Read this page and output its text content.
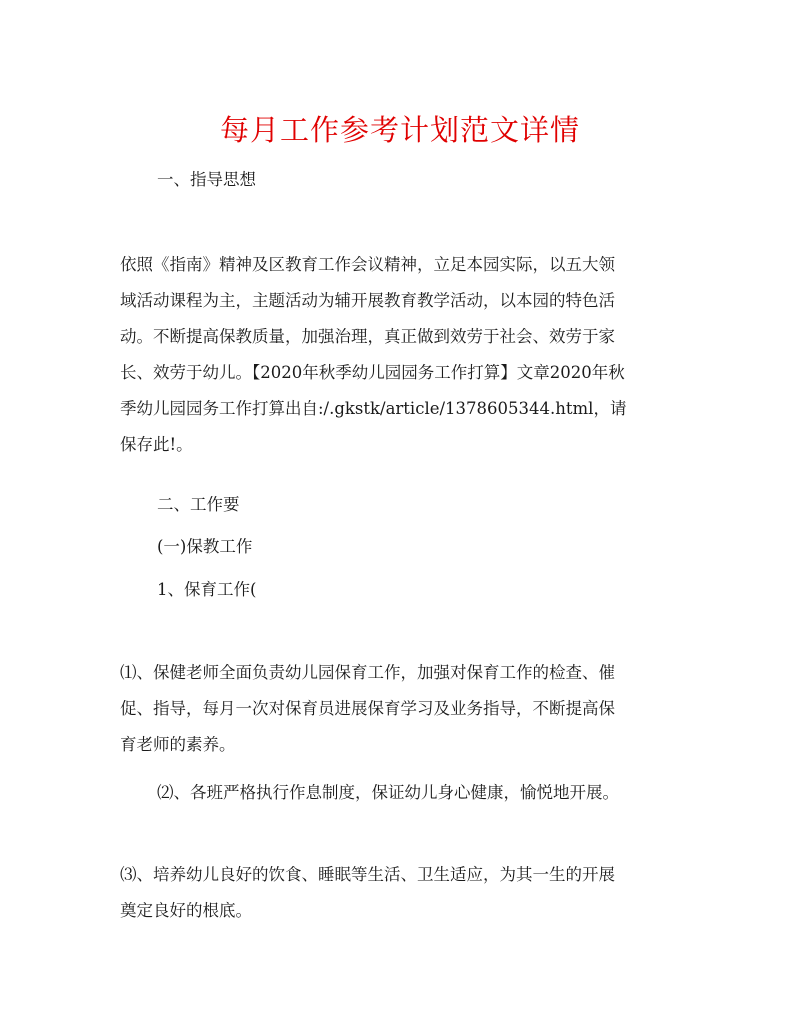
每月工作参考计划范文详情

一、指导思想

依照《指南》精神及区教育工作会议精神，立足本园实际，以五大领

域活动课程为主，主题活动为辅开展教育教学活动，以本园的特色活

动。不断提高保教质量，加强治理，真正做到效劳于社会、效劳于家

长、效劳于幼儿。【2020年秋季幼儿园园务工作打算】文章2020年秋

季幼儿园园务工作打算出自:/.gkstk/article/1378605344.html，请

保存此!。

二、工作要

(一)保教工作

1、保育工作(

⑴、保健老师全面负责幼儿园保育工作，加强对保育工作的检查、催

促、指导，每月一次对保育员进展保育学习及业务指导，不断提高保

育老师的素养。

⑵、各班严格执行作息制度，保证幼儿身心健康，愉悦地开展。

⑶、培养幼儿良好的饮食、睡眠等生活、卫生适应，为其一生的开展

奠定良好的根底。
